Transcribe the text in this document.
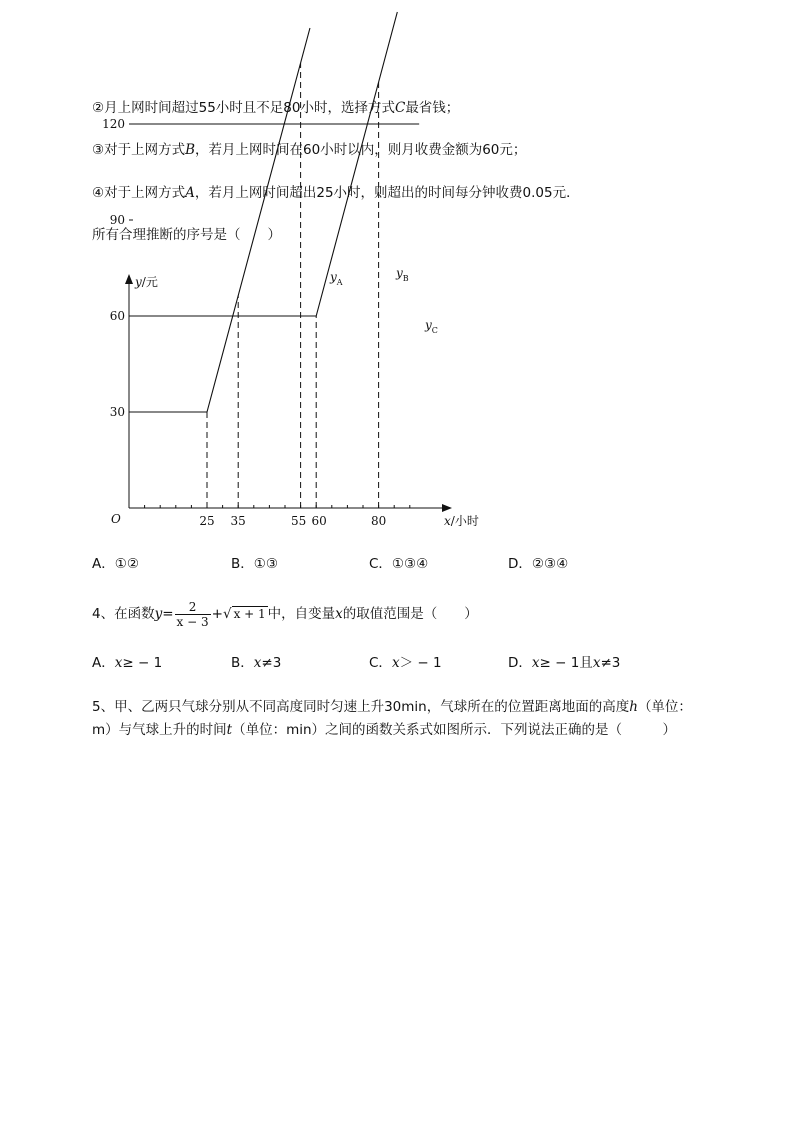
②月上网时间超过55小时且不足80小时，选择方式C最省钱；
③对于上网方式B，若月上网时间在60小时以内，则月收费金额为60元；
④对于上网方式A，若月上网时间超出25小时，则超出的时间每分钟收费0.05元．
所有合理推断的序号是（　　）
30
60
90
120
25 35	55 60	80
$y_A$
$y_B$
$y_C$
y/元
x/小时
O
A．①②	B．①③	C．①③④	D．②③④
4、在函数$y= \frac{2}{x - 3}$ +√ x + 1 中，自变量x的取值范围是（　　）
A．x≥ − 1	B．x≠3	C．x＞ − 1	D．x≥ − 1且x≠3
5、甲、乙两只气球分别从不同高度同时匀速上升30min，气球所在的位置距离地面的高度h（单位：
m）与气球上升的时间t（单位：min）之间的函数关系式如图所示．下列说法正确的是（　　　）
